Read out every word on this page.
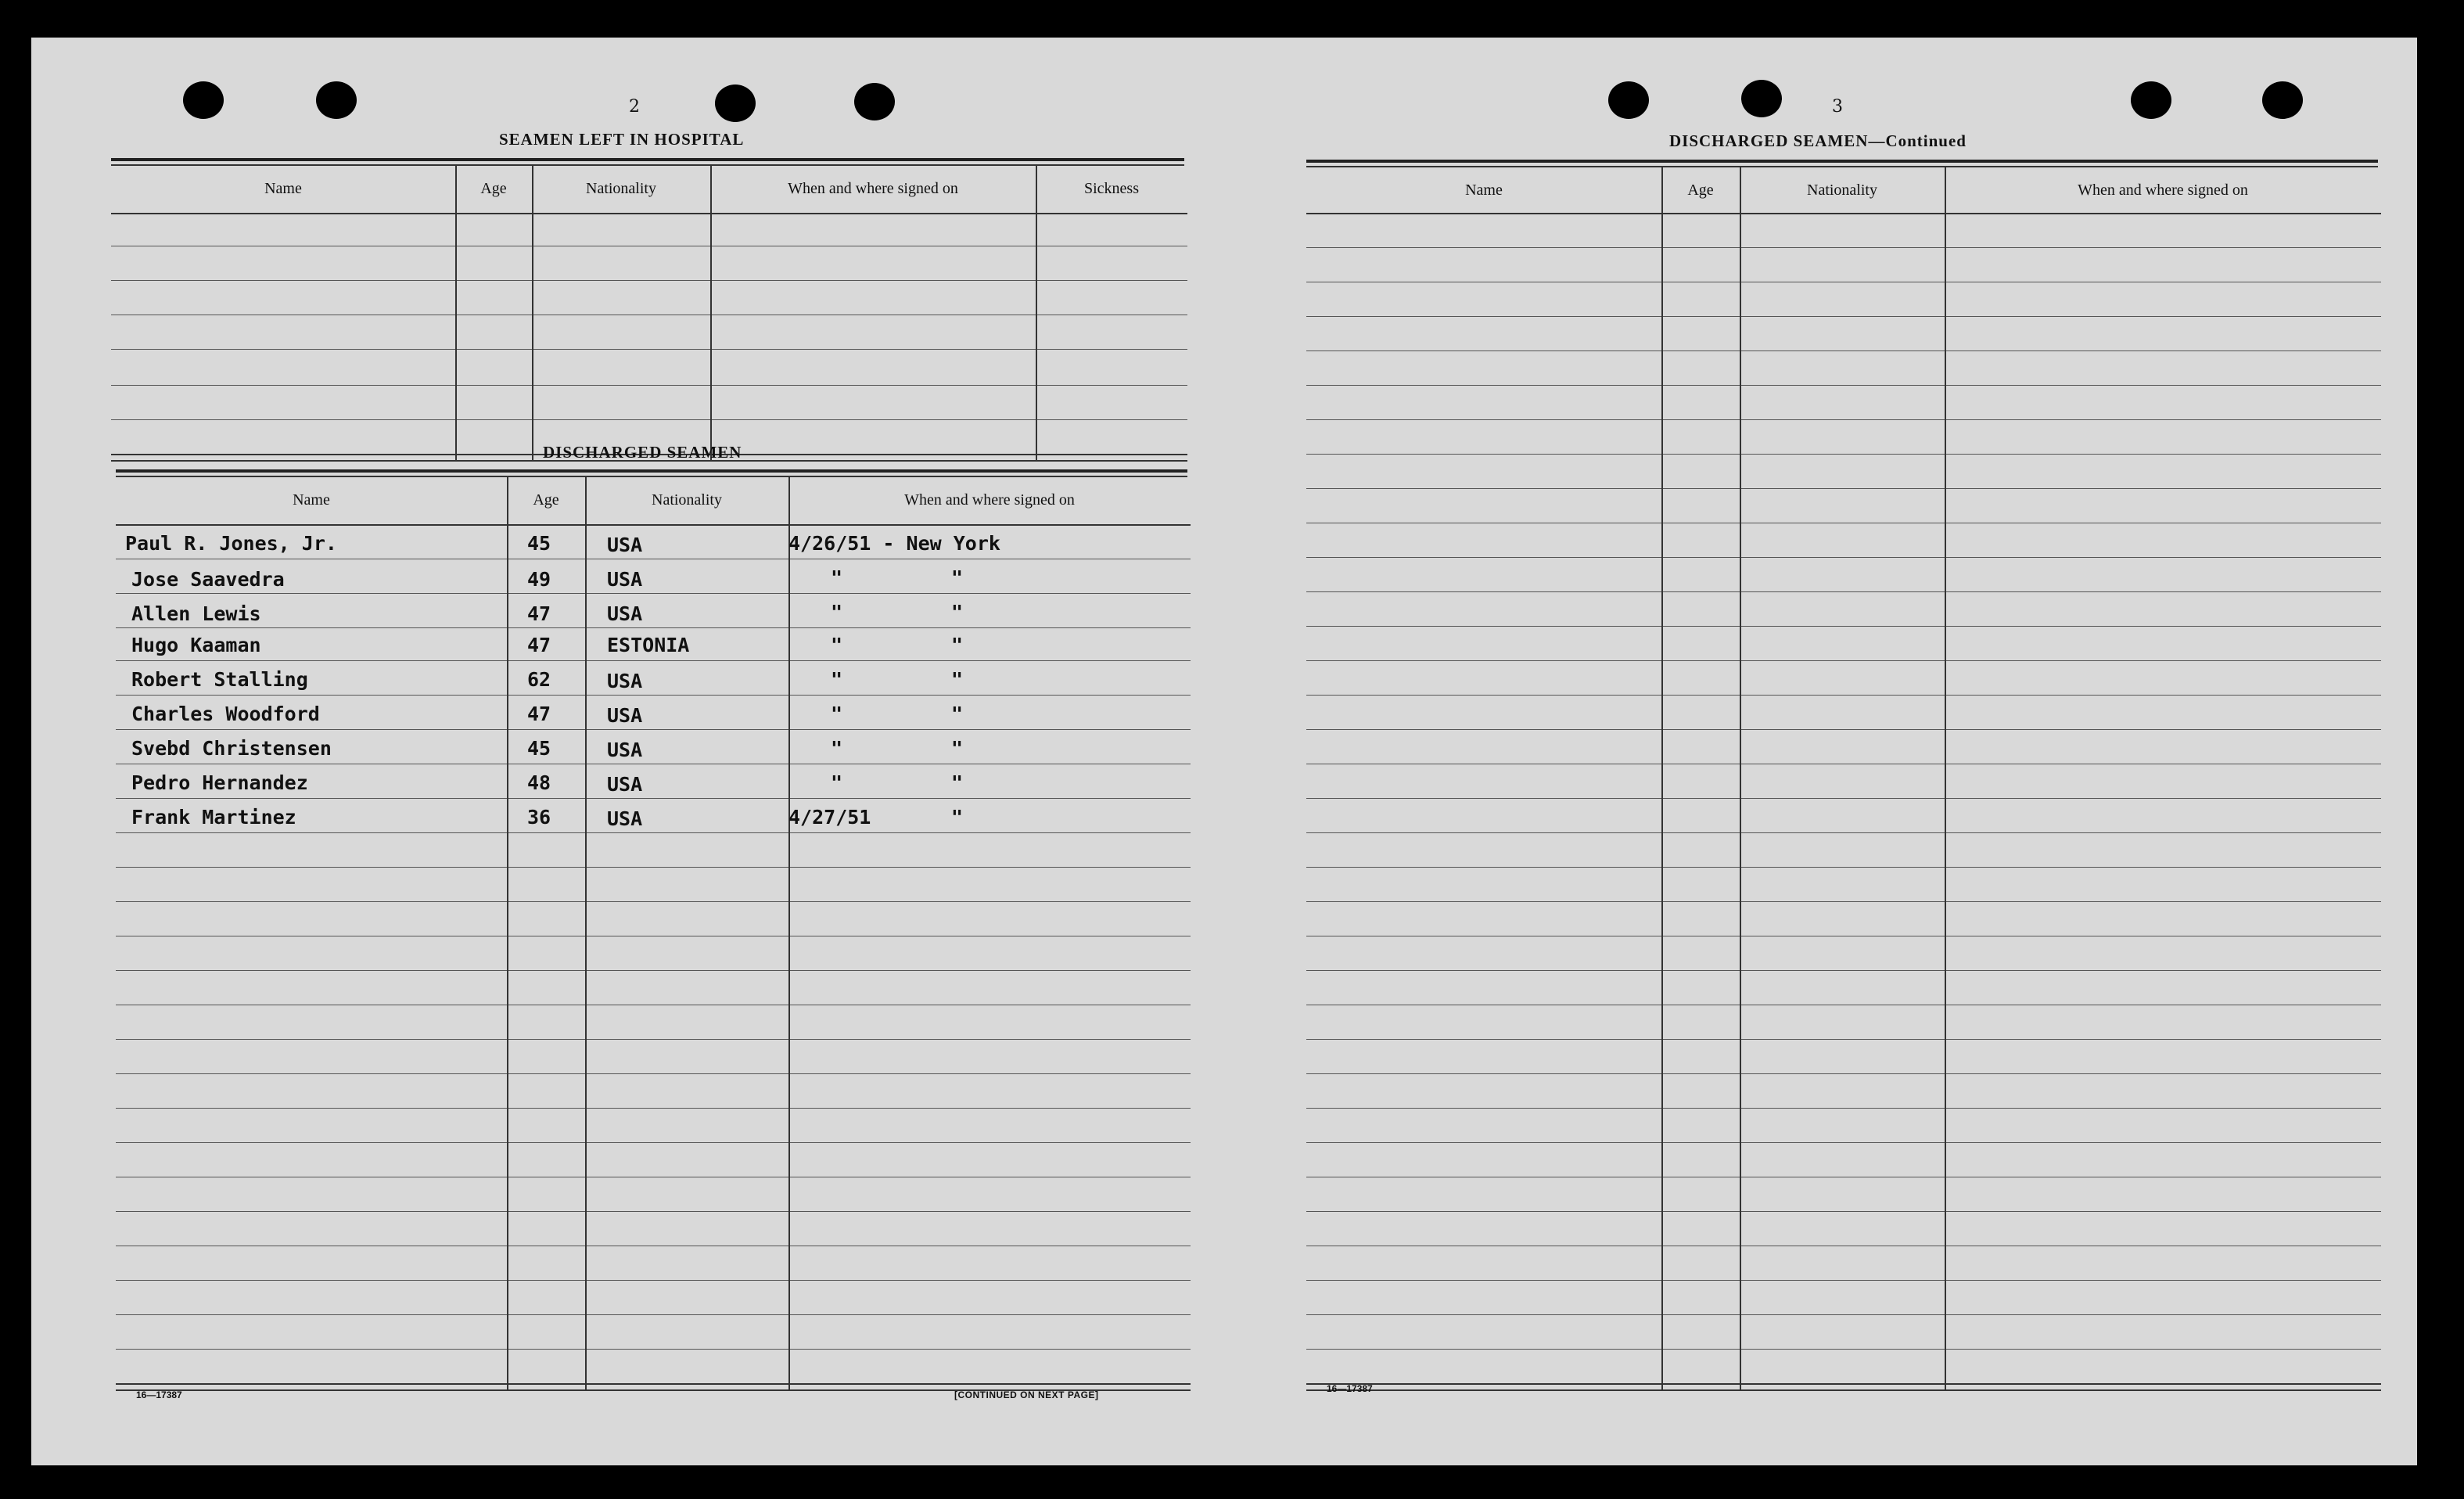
2
SEAMEN LEFT IN HOSPITAL
Name	Age	Nationality	When and where signed on	Sickness
DISCHARGED SEAMEN
Name	Age	Nationality	When and where signed on
Paul R. Jones, Jr.	45	USA	4/26/51 - New York
Jose Saavedra	49	USA	"	"
Allen Lewis	47	USA	"	"
Hugo Kaaman	47	ESTONIA	"	"
Robert Stalling	62	USA	"	"
Charles Woodford	47	USA	"	"
Svebd Christensen	45	USA	"	"
Pedro Hernandez	48	USA	"	"
Frank Martinez	36	USA	4/27/51	"
16—17387	[CONTINUED ON NEXT PAGE]
3
DISCHARGED SEAMEN—Continued
Name	Age	Nationality	When and where signed on
16—17387
